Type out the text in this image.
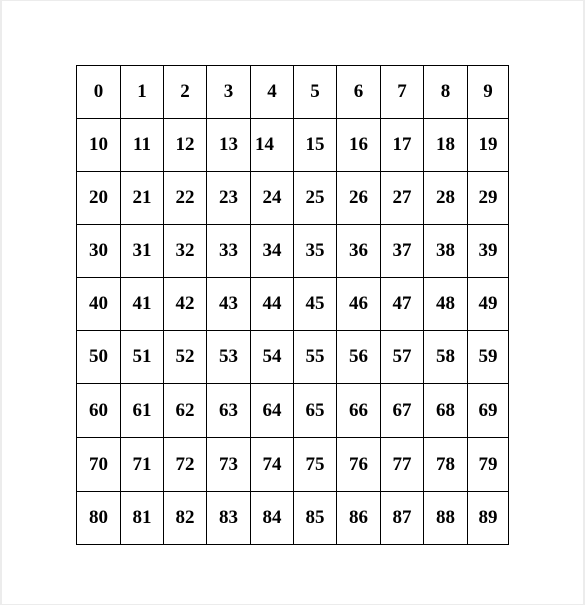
0	1	2	3	4	5	6	7	8	9
10	11	12	13	14	15	16	17	18	19
20	21	22	23	24	25	26	27	28	29
30	31	32	33	34	35	36	37	38	39
40	41	42	43	44	45	46	47	48	49
50	51	52	53	54	55	56	57	58	59
60	61	62	63	64	65	66	67	68	69
70	71	72	73	74	75	76	77	78	79
80	81	82	83	84	85	86	87	88	89
